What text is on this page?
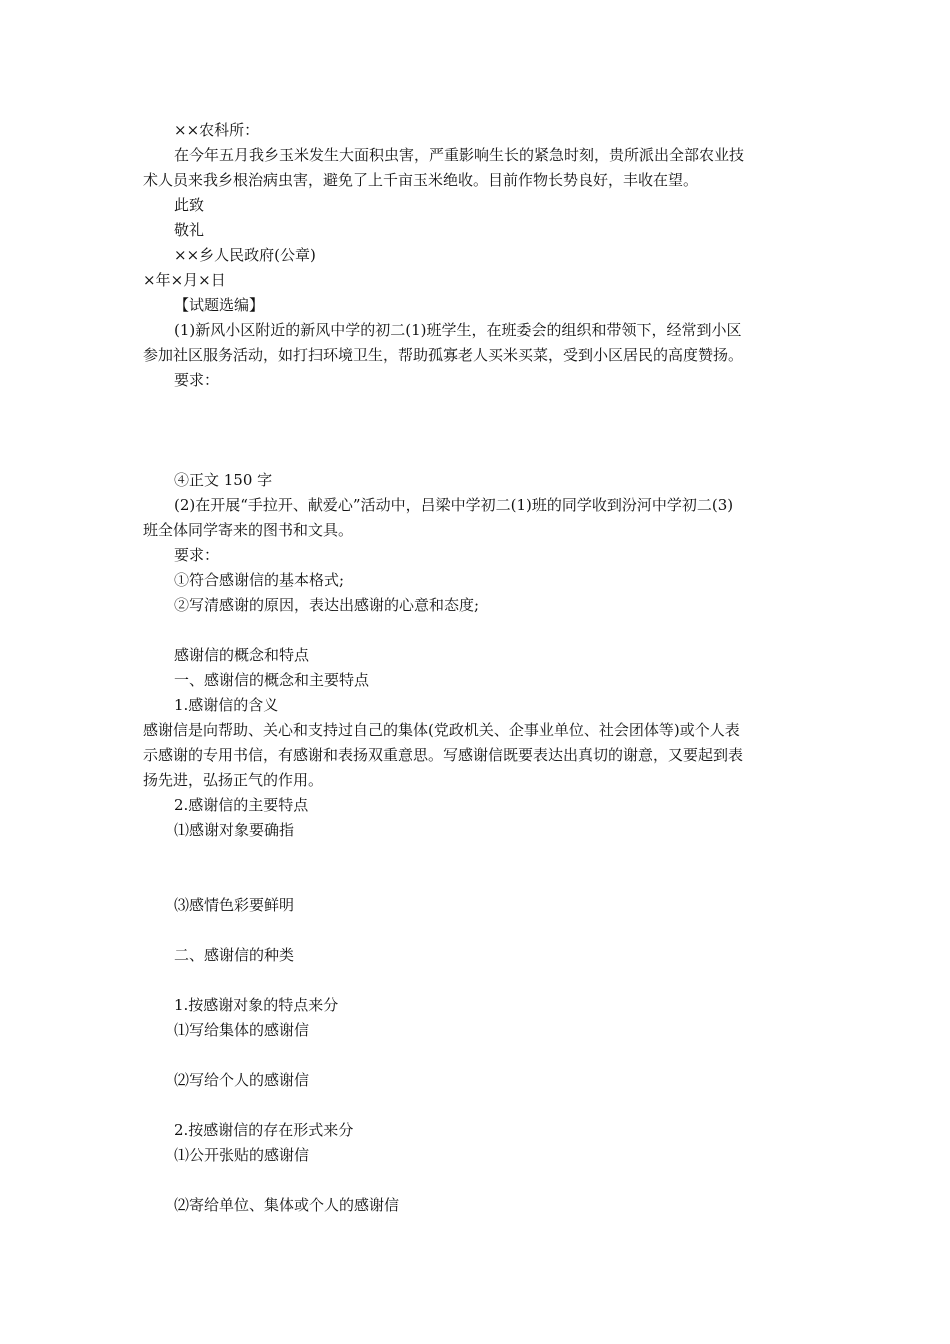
××农科所：
在今年五月我乡玉米发生大面积虫害，严重影响生长的紧急时刻，贵所派出全部农业技
术人员来我乡根治病虫害，避免了上千亩玉米绝收。目前作物长势良好，丰收在望。
此致
敬礼
××乡人民政府(公章)
×年×月×日
【试题选编】
(1)新风小区附近的新风中学的初二(1)班学生，在班委会的组织和带领下，经常到小区
参加社区服务活动，如打扫环境卫生，帮助孤寡老人买米买菜，受到小区居民的高度赞扬。
要求：
④正文 150 字
(2)在开展“手拉开、献爱心”活动中，吕梁中学初二(1)班的同学收到汾河中学初二(3)
班全体同学寄来的图书和文具。
要求：
①符合感谢信的基本格式;
②写清感谢的原因，表达出感谢的心意和态度;
感谢信的概念和特点
一、感谢信的概念和主要特点
1.感谢信的含义
感谢信是向帮助、关心和支持过自己的集体(党政机关、企事业单位、社会团体等)或个人表
示感谢的专用书信，有感谢和表扬双重意思。写感谢信既要表达出真切的谢意，又要起到表
扬先进，弘扬正气的作用。
2.感谢信的主要特点
⑴感谢对象要确指
⑶感情色彩要鲜明
二、感谢信的种类
1.按感谢对象的特点来分
⑴写给集体的感谢信
⑵写给个人的感谢信
2.按感谢信的存在形式来分
⑴公开张贴的感谢信
⑵寄给单位、集体或个人的感谢信
